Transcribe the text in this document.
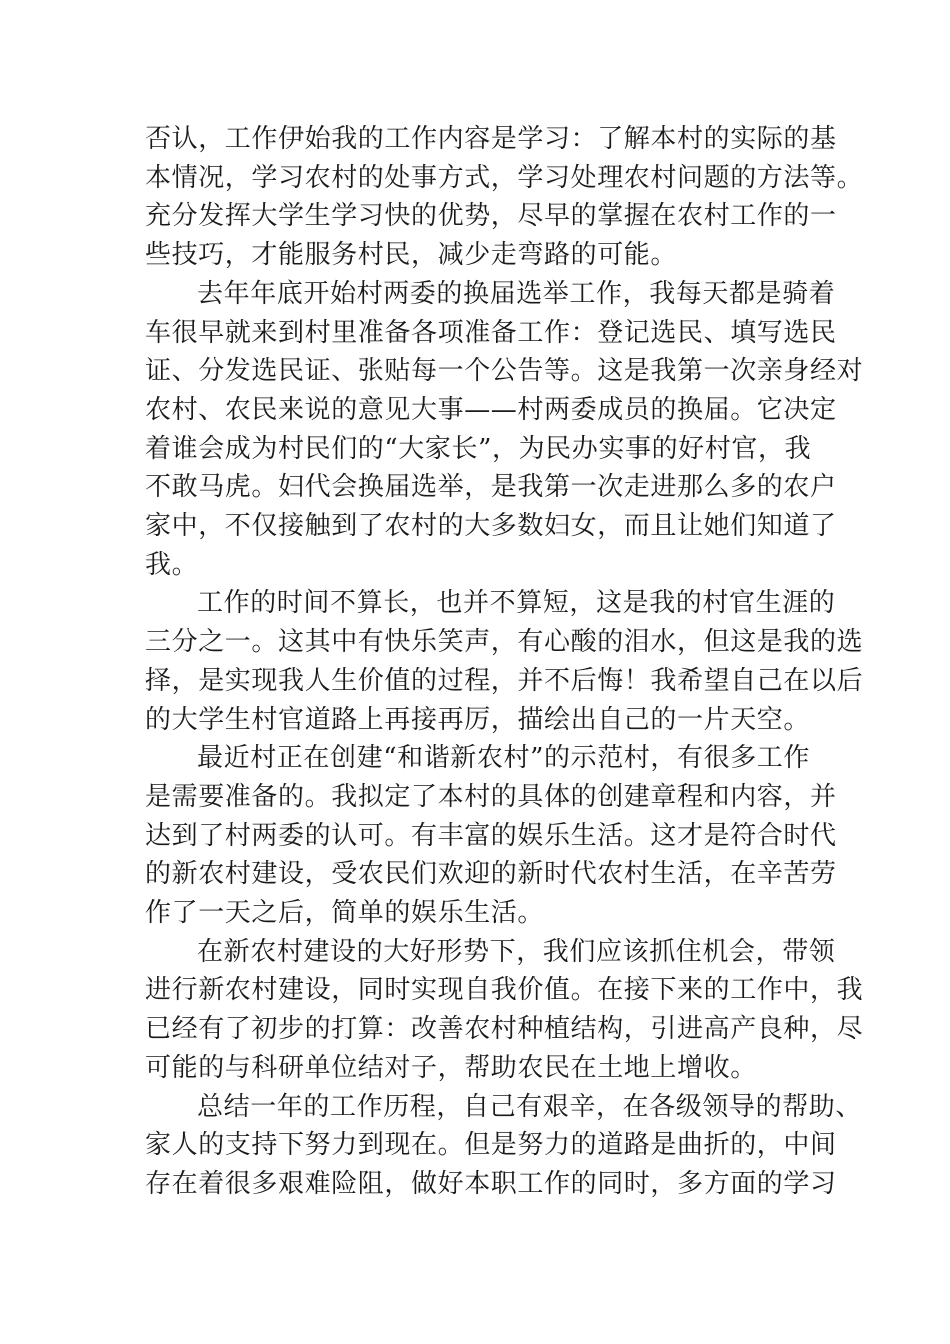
否认，工作伊始我的工作内容是学习：了解本村的实际的基
本情况，学习农村的处事方式，学习处理农村问题的方法等。
充分发挥大学生学习快的优势，尽早的掌握在农村工作的一
些技巧，才能服务村民，减少走弯路的可能。
去年年底开始村两委的换届选举工作，我每天都是骑着
车很早就来到村里准备各项准备工作：登记选民、填写选民
证、分发选民证、张贴每一个公告等。这是我第一次亲身经对
农村、农民来说的意见大事——村两委成员的换届。它决定
着谁会成为村民们的“大家长”，为民办实事的好村官，我
不敢马虎。妇代会换届选举，是我第一次走进那么多的农户
家中，不仅接触到了农村的大多数妇女，而且让她们知道了
我。
工作的时间不算长，也并不算短，这是我的村官生涯的
三分之一。这其中有快乐笑声，有心酸的泪水，但这是我的选
择，是实现我人生价值的过程，并不后悔！我希望自己在以后
的大学生村官道路上再接再厉，描绘出自己的一片天空。
最近村正在创建“和谐新农村”的示范村，有很多工作
是需要准备的。我拟定了本村的具体的创建章程和内容，并
达到了村两委的认可。有丰富的娱乐生活。这才是符合时代
的新农村建设，受农民们欢迎的新时代农村生活，在辛苦劳
作了一天之后，简单的娱乐生活。
在新农村建设的大好形势下，我们应该抓住机会，带领
进行新农村建设，同时实现自我价值。在接下来的工作中，我
已经有了初步的打算：改善农村种植结构，引进高产良种，尽
可能的与科研单位结对子，帮助农民在土地上增收。
总结一年的工作历程，自己有艰辛，在各级领导的帮助、
家人的支持下努力到现在。但是努力的道路是曲折的，中间
存在着很多艰难险阻，做好本职工作的同时，多方面的学习
